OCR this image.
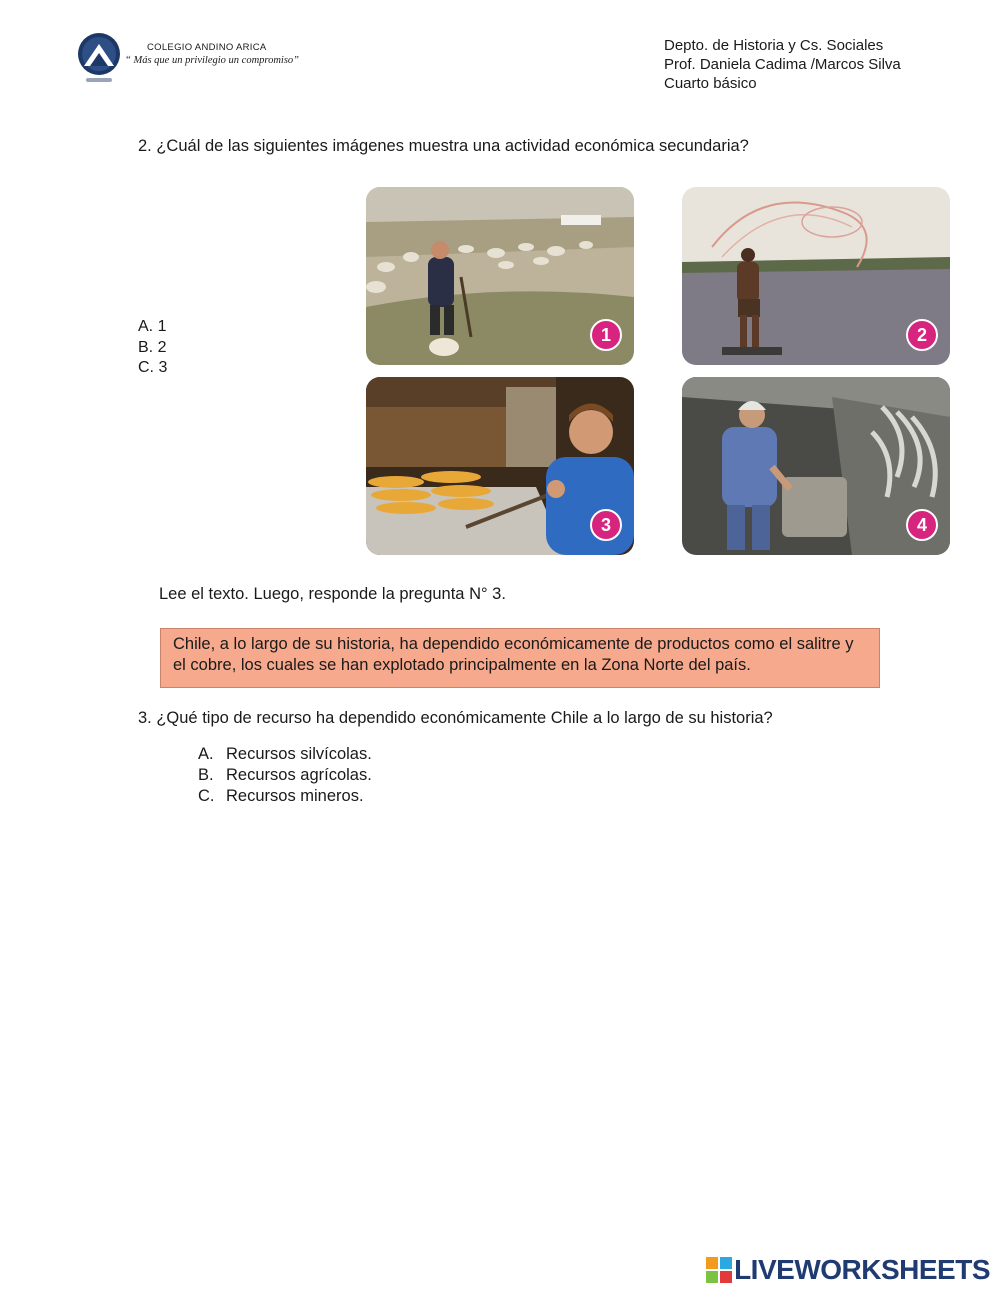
COLEGIO ANDINO ARICA
“ Más que un privilegio un compromiso”
Depto. de Historia y Cs. Sociales
Prof. Daniela Cadima /Marcos Silva
Cuarto básico
2. ¿Cuál de las siguientes imágenes muestra una actividad económica secundaria?
A. 1
B. 2
C. 3
1	2
3	4
Lee el texto. Luego, responde la pregunta N° 3.
Chile, a lo largo de su historia, ha dependido económicamente de productos como el salitre y el cobre, los cuales se han explotado principalmente en la Zona Norte del país.
3. ¿Qué tipo de recurso ha dependido económicamente Chile a lo largo de su historia?
A. Recursos silvícolas.
B. Recursos agrícolas.
C. Recursos mineros.
LIVEWORKSHEETS
